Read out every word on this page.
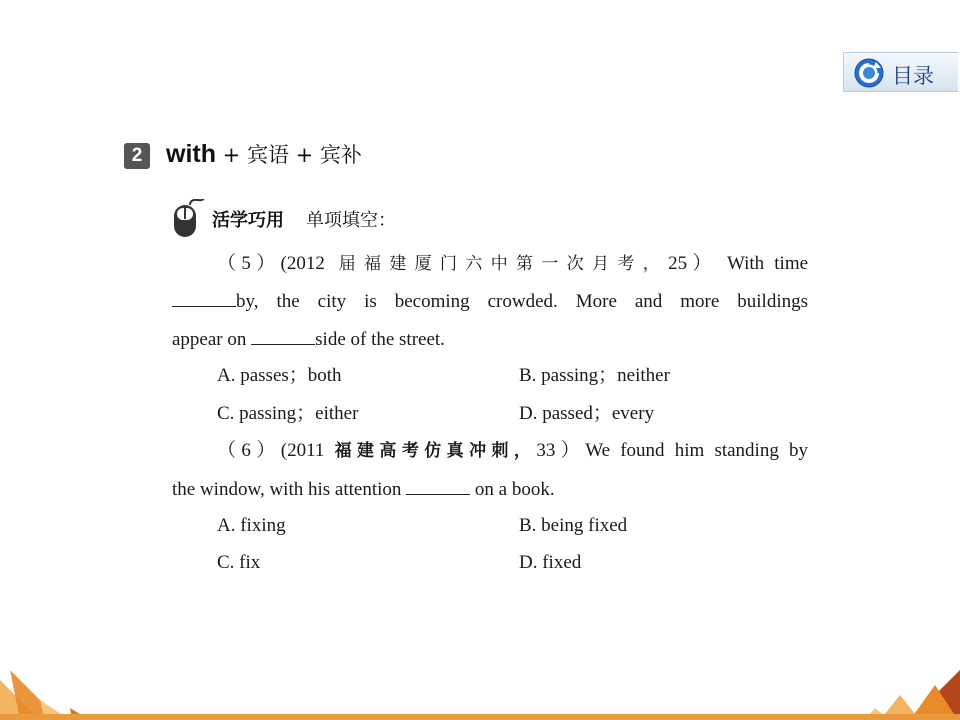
目录
2 with + 宾语 + 宾补
活学巧用 单项填空：
（5）(2012 届福建厦门六中第一次月考，25） With time
by, the city is becoming crowded. More and more buildings
appear on	side of the street.
A. passes；both	B. passing；neither
C. passing；either	D. passed；every
（6）(2011 福建高考仿真冲刺，33）We found him standing by
the window, with his attention	on a book.
A. fixing	B. being fixed
C. fix	D. fixed
